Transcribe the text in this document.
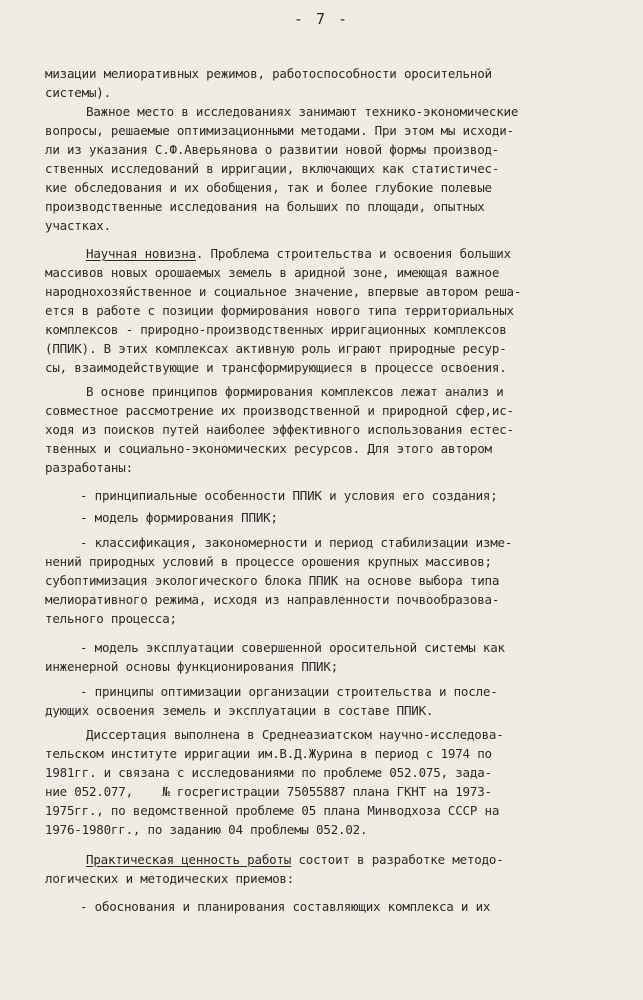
- 7 -
мизации мелиоративных режимов, работоспособности оросительной
системы).
Важное место в исследованиях занимают технико-экономические
вопросы, решаемые оптимизационными методами. При этом мы исходи-
ли из указания С.Ф.Аверьянова о развитии новой формы производ-
ственных исследований в ирригации, включающих как статистичес-
кие обследования и их обобщения, так и более глубокие полевые
производственные исследования на больших по площади, опытных
участках.
Научная новизна. Проблема строительства и освоения больших
массивов новых орошаемых земель в аридной зоне, имеющая важное
народнохозяйственное и социальное значение, впервые автором реша-
ется в работе с позиции формирования нового типа территориальных
комплексов - природно-производственных ирригационных комплексов
(ППИК). В этих комплексах активную роль играют природные ресур-
сы, взаимодействующие и трансформирующиеся в процессе освоения.
В основе принципов формирования комплексов лежат анализ и
совместное рассмотрение их производственной и природной сфер,ис-
ходя из поисков путей наиболее эффективного использования естес-
твенных и социально-экономических ресурсов. Для этого автором
разработаны:
- принципиальные особенности ППИК и условия его создания;
- модель формирования ППИК;
- классификация, закономерности и период стабилизации изме-
нений природных условий в процессе орошения крупных массивов;
субоптимизация экологического блока ППИК на основе выбора типа
мелиоративного режима, исходя из направленности почвообразова-
тельного процесса;
- модель эксплуатации совершенной оросительной системы как
инженерной основы функционирования ППИК;
- принципы оптимизации организации строительства и после-
дующих освоения земель и эксплуатации в составе ППИК.
Диссертация выполнена в Среднеазиатском научно-исследова-
тельском институте ирригации им.В.Д.Журина в период с 1974 по
1981гг. и связана с исследованиями по проблеме 052.075, зада-
ние 052.077,    № госрегистрации 75055887 плана ГКНТ на 1973-
1975гг., по ведомственной проблеме 05 плана Минводхоза СССР на
1976-1980гг., по заданию 04 проблемы 052.02.
Практическая ценность работы состоит в разработке методо-
логических и методических приемов:
- обоснования и планирования составляющих комплекса и их
